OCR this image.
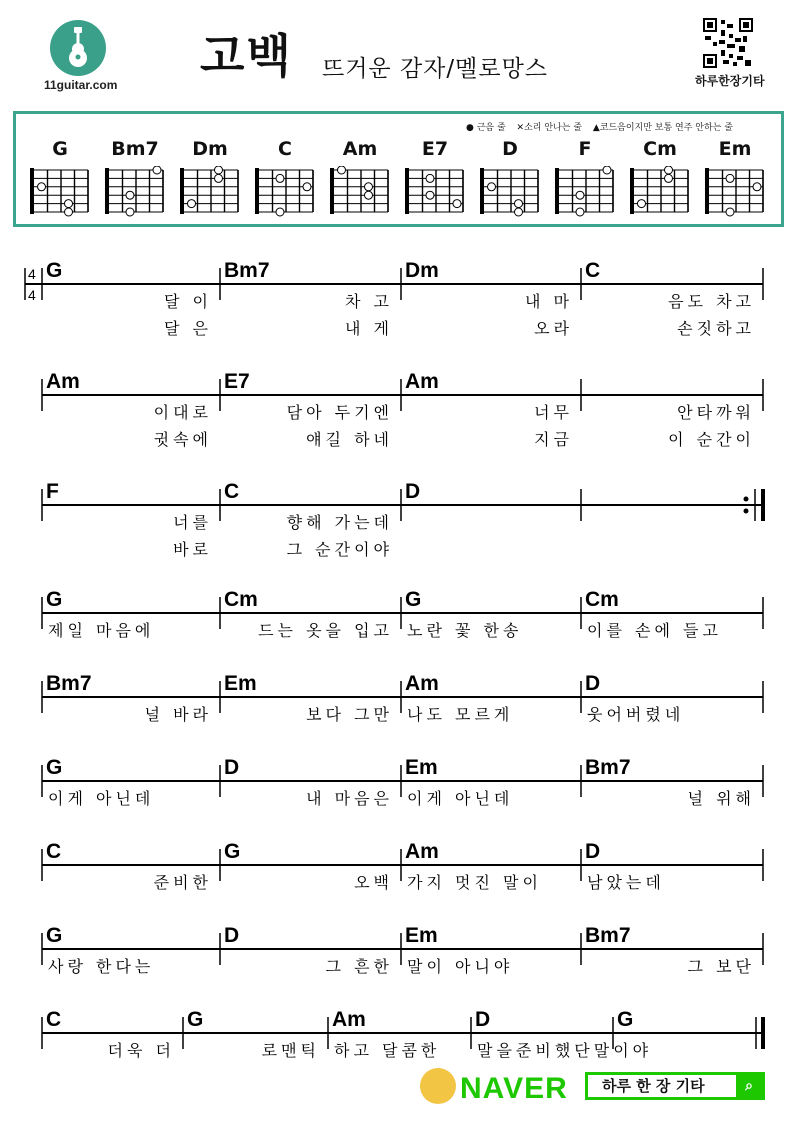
11guitar.com
고백 뜨거운 감자/멜로망스	하루한장기타
● 근음 줄 ✕소리 안나는 줄 ▲코드음이지만 보통 연주 안하는 줄
G	Bm7	Dm	C	Am	E7	D	F	Cm	Em
4
4
G
달 이
달 은
Bm7
차 고
내 게
Dm
내 마
오라
C
음도 차고
손짓하고
Am
이대로
귓속에
E7
담아 두기엔
얘길 하네
Am
너무
지금
안타까워
이 순간이
F
너를
바로
C
향해 가는데
그 순간이야
D
G
제일 마음에
Cm
드는 옷을 입고
G
노란 꽃 한송
Cm
이를 손에 들고
Bm7
널 바라
Em
보다 그만
Am
나도 모르게
D
웃어버렸네
G
이게 아닌데
D
내 마음은
Em
이게 아닌데
Bm7
널 위해
C
준비한
G
오백
Am
가지 멋진 말이
D
남았는데
G
사랑 한다는
D
그 흔한
Em
말이 아니야
Bm7
그 보단
C
더욱 더
G
로맨틱
Am
하고 달콤한
D
말을준비했단말이야
G
NAVER	하루 한 장 기타	⌕
